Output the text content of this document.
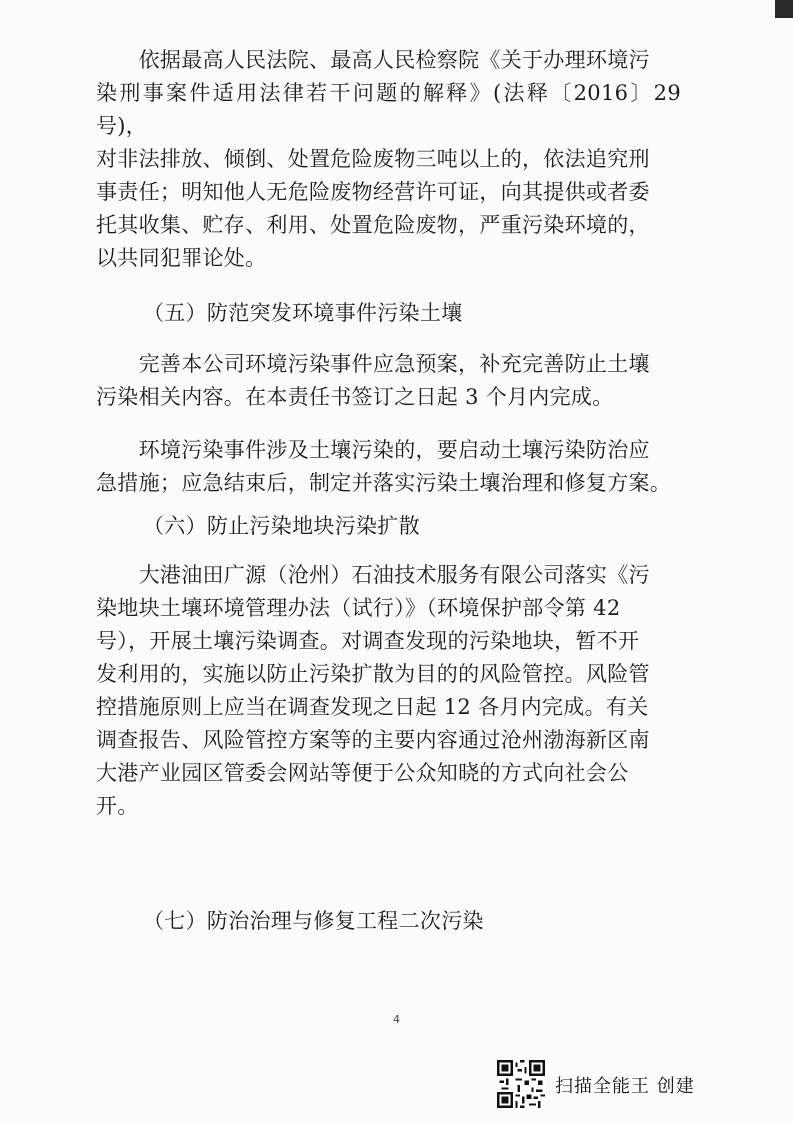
　　依据最高人民法院、最高人民检察院《关于办理环境污
染刑事案件适用法律若干问题的解释》(法释〔2016〕29 号)，
对非法排放、倾倒、处置危险废物三吨以上的，依法追究刑
事责任；明知他人无危险废物经营许可证，向其提供或者委
托其收集、贮存、利用、处置危险废物，严重污染环境的，
以共同犯罪论处。

（五）防范突发环境事件污染土壤

　　完善本公司环境污染事件应急预案，补充完善防止土壤
污染相关内容。在本责任书签订之日起 3 个月内完成。
　　环境污染事件涉及土壤污染的，要启动土壤污染防治应
急措施；应急结束后，制定并落实污染土壤治理和修复方案。

（六）防止污染地块污染扩散

　　大港油田广源（沧州）石油技术服务有限公司落实《污
染地块土壤环境管理办法（试行）》（环境保护部令第 42
号），开展土壤污染调查。对调查发现的污染地块，暂不开
发利用的，实施以防止污染扩散为目的的风险管控。风险管
控措施原则上应当在调查发现之日起 12 各月内完成。有关
调查报告、风险管控方案等的主要内容通过沧州渤海新区南
大港产业园区管委会网站等便于公众知晓的方式向社会公
开。

（七）防治治理与修复工程二次污染

4
扫描全能王 创建
